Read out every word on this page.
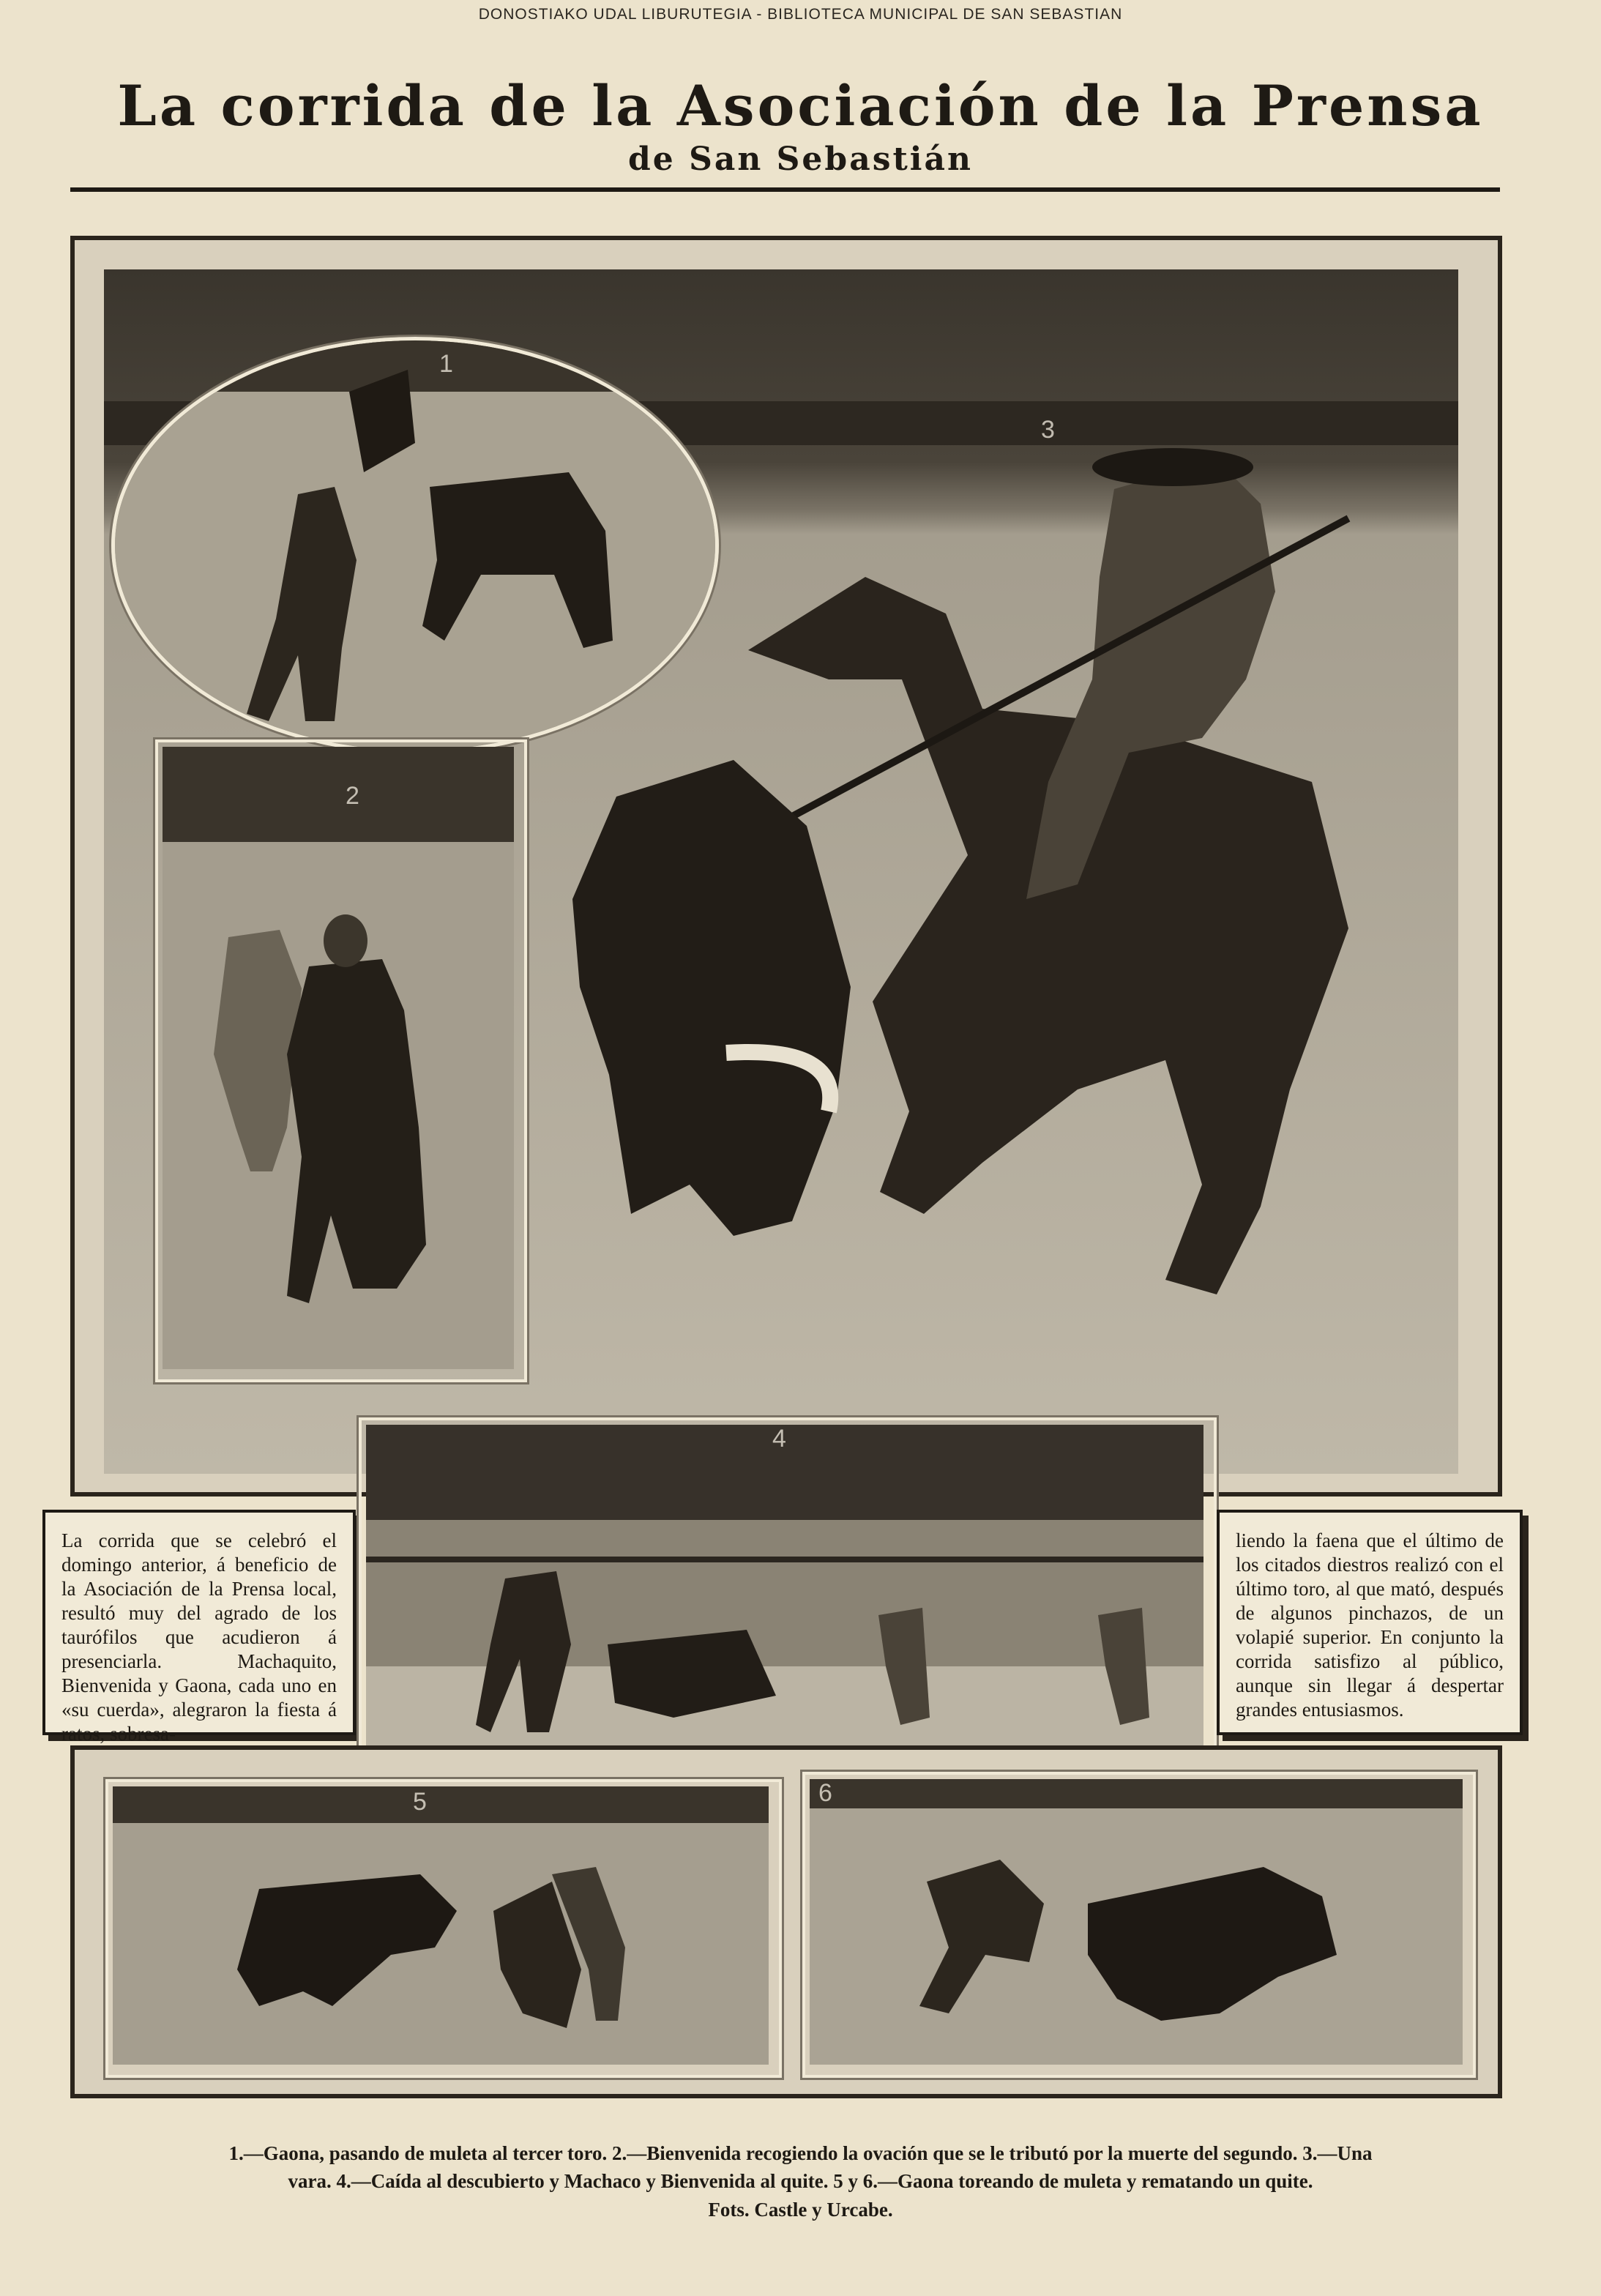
DONOSTIAKO UDAL LIBURUTEGIA - BIBLIOTECA MUNICIPAL DE SAN SEBASTIAN
La corrida de la Asociación de la Prensa
de San Sebastián
3
1
2
La corrida que se celebró el domingo anterior, á beneficio de la Asociación de la Prensa local, resultó muy del agrado de los taurófilos que acudieron á presenciarla. Machaquito, Bienvenida y Gaona, cada uno en «su cuerda», alegraron la fiesta á ratos, sobresa-
4
liendo la faena que el último de los citados diestros realizó con el último toro, al que mató, después de algunos pinchazos, de un volapié superior. En conjunto la corrida satisfizo al público, aunque sin llegar á despertar grandes entusiasmos.
5	6
1.—Gaona, pasando de muleta al tercer toro. 2.—Bienvenida recogiendo la ovación que se le tributó por la muerte del segundo. 3.—Una
vara. 4.—Caída al descubierto y Machaco y Bienvenida al quite. 5 y 6.—Gaona toreando de muleta y rematando un quite.
Fots. Castle y Urcabe.
